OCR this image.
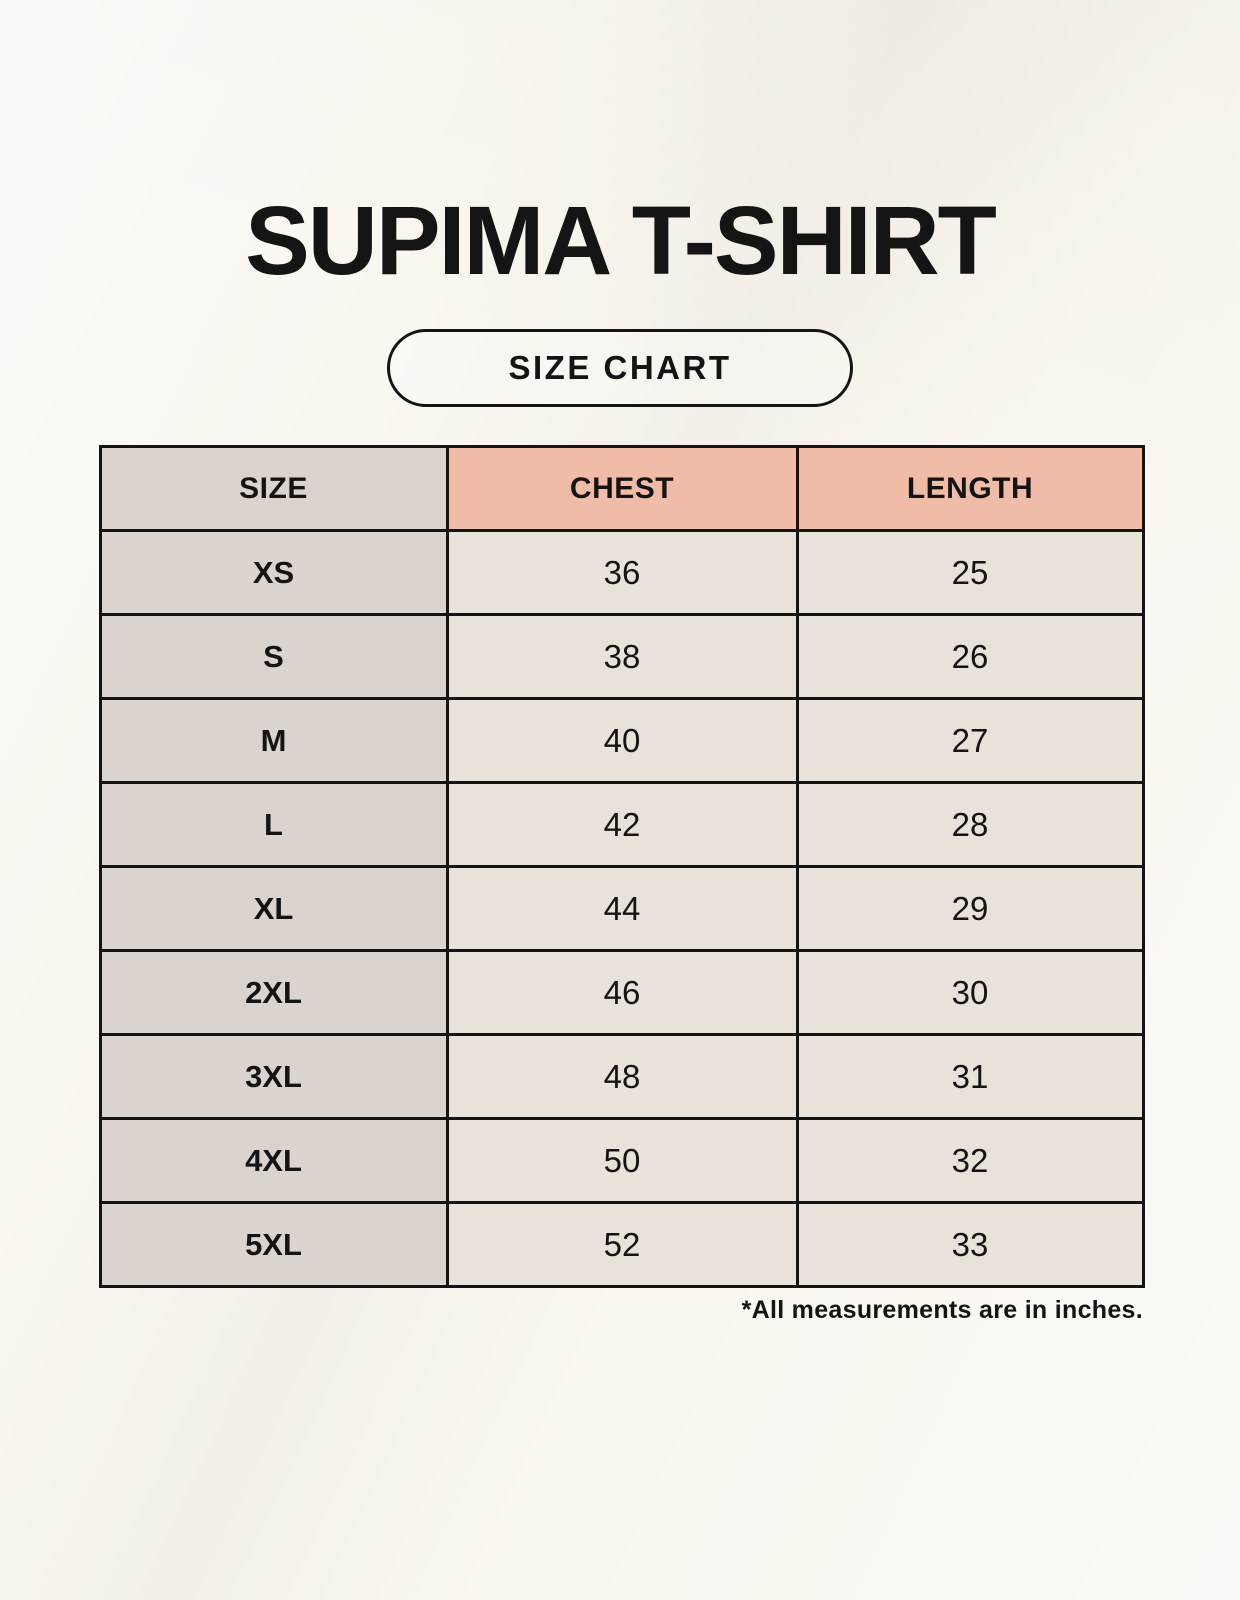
SUPIMA T-SHIRT
SIZE CHART
SIZE	CHEST	LENGTH
XS	36	25
S	38	26
M	40	27
L	42	28
XL	44	29
2XL	46	30
3XL	48	31
4XL	50	32
5XL	52	33
*All measurements are in inches.
